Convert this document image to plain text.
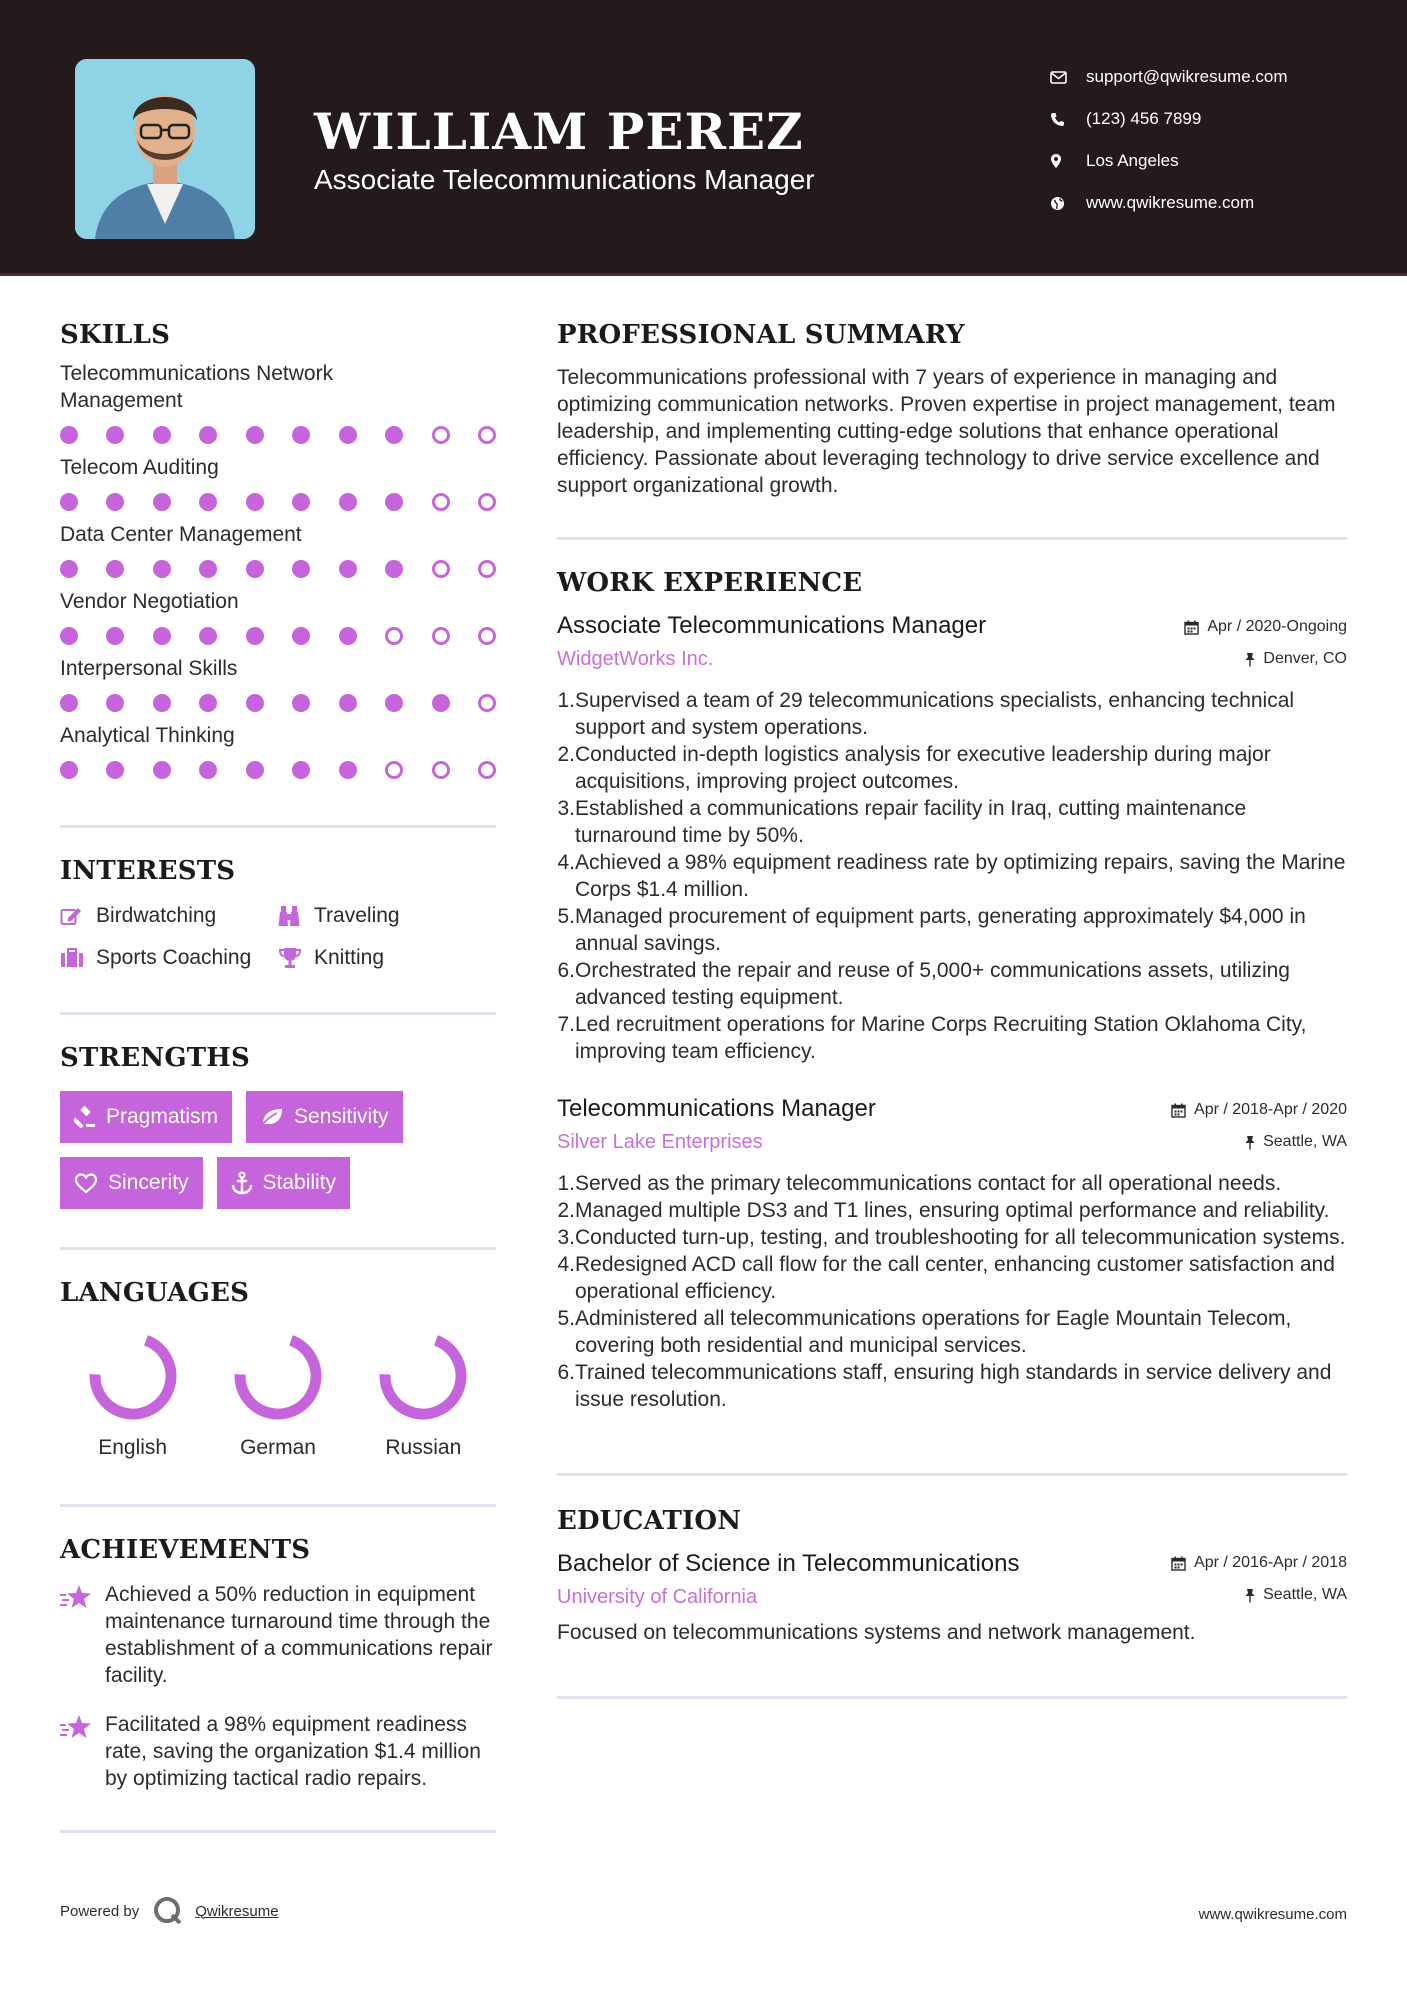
WILLIAM PEREZ
Associate Telecommunications Manager
support@qwikresume.com
(123) 456 7899
Los Angeles
www.qwikresume.com
SKILLS
Telecommunications Network Management
Telecom Auditing
Data Center Management
Vendor Negotiation
Interpersonal Skills
Analytical Thinking
INTERESTS
Birdwatching	Traveling
Sports Coaching	Knitting
STRENGTHS
Pragmatism	Sensitivity
Sincerity	Stability
LANGUAGES
English	German	Russian
ACHIEVEMENTS
Achieved a 50% reduction in equipment maintenance turnaround time through the establishment of a communications repair facility.
Facilitated a 98% equipment readiness rate, saving the organization $1.4 million by optimizing tactical radio repairs.
PROFESSIONAL SUMMARY
Telecommunications professional with 7 years of experience in managing and optimizing communication networks. Proven expertise in project management, team leadership, and implementing cutting-edge solutions that enhance operational efficiency. Passionate about leveraging technology to drive service excellence and support organizational growth.
WORK EXPERIENCE
Associate Telecommunications Manager
WidgetWorks Inc.
Apr / 2020-Ongoing
Denver, CO
1. Supervised a team of 29 telecommunications specialists, enhancing technical support and system operations.
2. Conducted in-depth logistics analysis for executive leadership during major acquisitions, improving project outcomes.
3. Established a communications repair facility in Iraq, cutting maintenance turnaround time by 50%.
4. Achieved a 98% equipment readiness rate by optimizing repairs, saving the Marine Corps $1.4 million.
5. Managed procurement of equipment parts, generating approximately $4,000 in annual savings.
6. Orchestrated the repair and reuse of 5,000+ communications assets, utilizing advanced testing equipment.
7. Led recruitment operations for Marine Corps Recruiting Station Oklahoma City, improving team efficiency.
Telecommunications Manager
Silver Lake Enterprises
Apr / 2018-Apr / 2020
Seattle, WA
1. Served as the primary telecommunications contact for all operational needs.
2. Managed multiple DS3 and T1 lines, ensuring optimal performance and reliability.
3. Conducted turn-up, testing, and troubleshooting for all telecommunication systems.
4. Redesigned ACD call flow for the call center, enhancing customer satisfaction and operational efficiency.
5. Administered all telecommunications operations for Eagle Mountain Telecom, covering both residential and municipal services.
6. Trained telecommunications staff, ensuring high standards in service delivery and issue resolution.
EDUCATION
Bachelor of Science in Telecommunications
University of California
Apr / 2016-Apr / 2018
Seattle, WA
Focused on telecommunications systems and network management.
Powered by	Qwikresume	www.qwikresume.com
